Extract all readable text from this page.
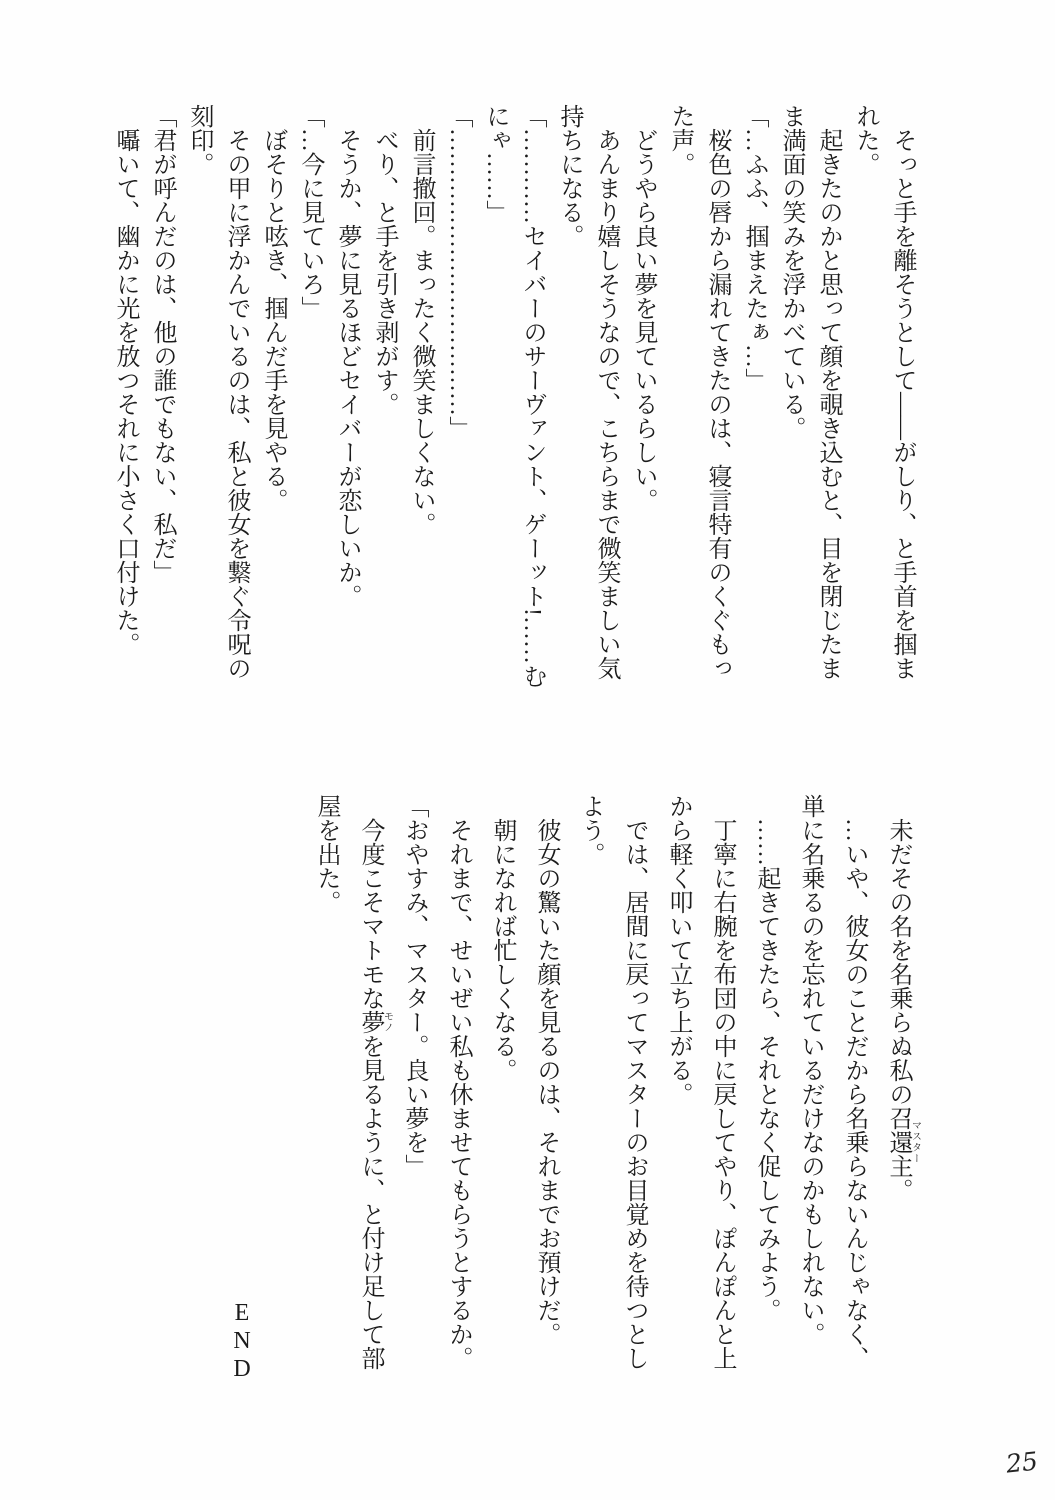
そっと手を離そうとして――がしり、と手首を掴まれた。

起きたのかと思って顔を覗き込むと、目を閉じたまま満面の笑みを浮かべている。

「…ふふ、掴まえたぁ…」

桜色の唇から漏れてきたのは、寝言特有のくぐもった声。

どうやら良い夢を見ているらしい。

あんまり嬉しそうなので、こちらまで微笑ましい気持ちになる。

「…………セイバーのサーヴァント、ゲーット!……むにゃ……」

「………………………………」

前言撤回。まったく微笑ましくない。

べり、と手を引き剥がす。

そうか、夢に見るほどセイバーが恋しいか。

「…今に見ていろ」

ぼそりと呟き、掴んだ手を見やる。

その甲に浮かんでいるのは、私と彼女を繋ぐ令呪の刻印。

「君が呼んだのは、他の誰でもない、私だ」

囁いて、幽かに光を放つそれに小さく口付けた。

未だその名を名乗らぬ私の召還主マスター。

…いや、彼女のことだから名乗らないんじゃなく、単に名乗るのを忘れているだけなのかもしれない。

……起きてきたら、それとなく促してみよう。

丁寧に右腕を布団の中に戻してやり、ぽんぽんと上から軽く叩いて立ち上がる。

では、居間に戻ってマスターのお目覚めを待つとしよう。

彼女の驚いた顔を見るのは、それまでお預けだ。

朝になれば忙しくなる。

それまで、せいぜい私も休ませてもらうとするか。

「おやすみ、マスター。良い夢を」

今度こそマトモな夢モノを見るように、と付け足して部屋を出た。

END

25
